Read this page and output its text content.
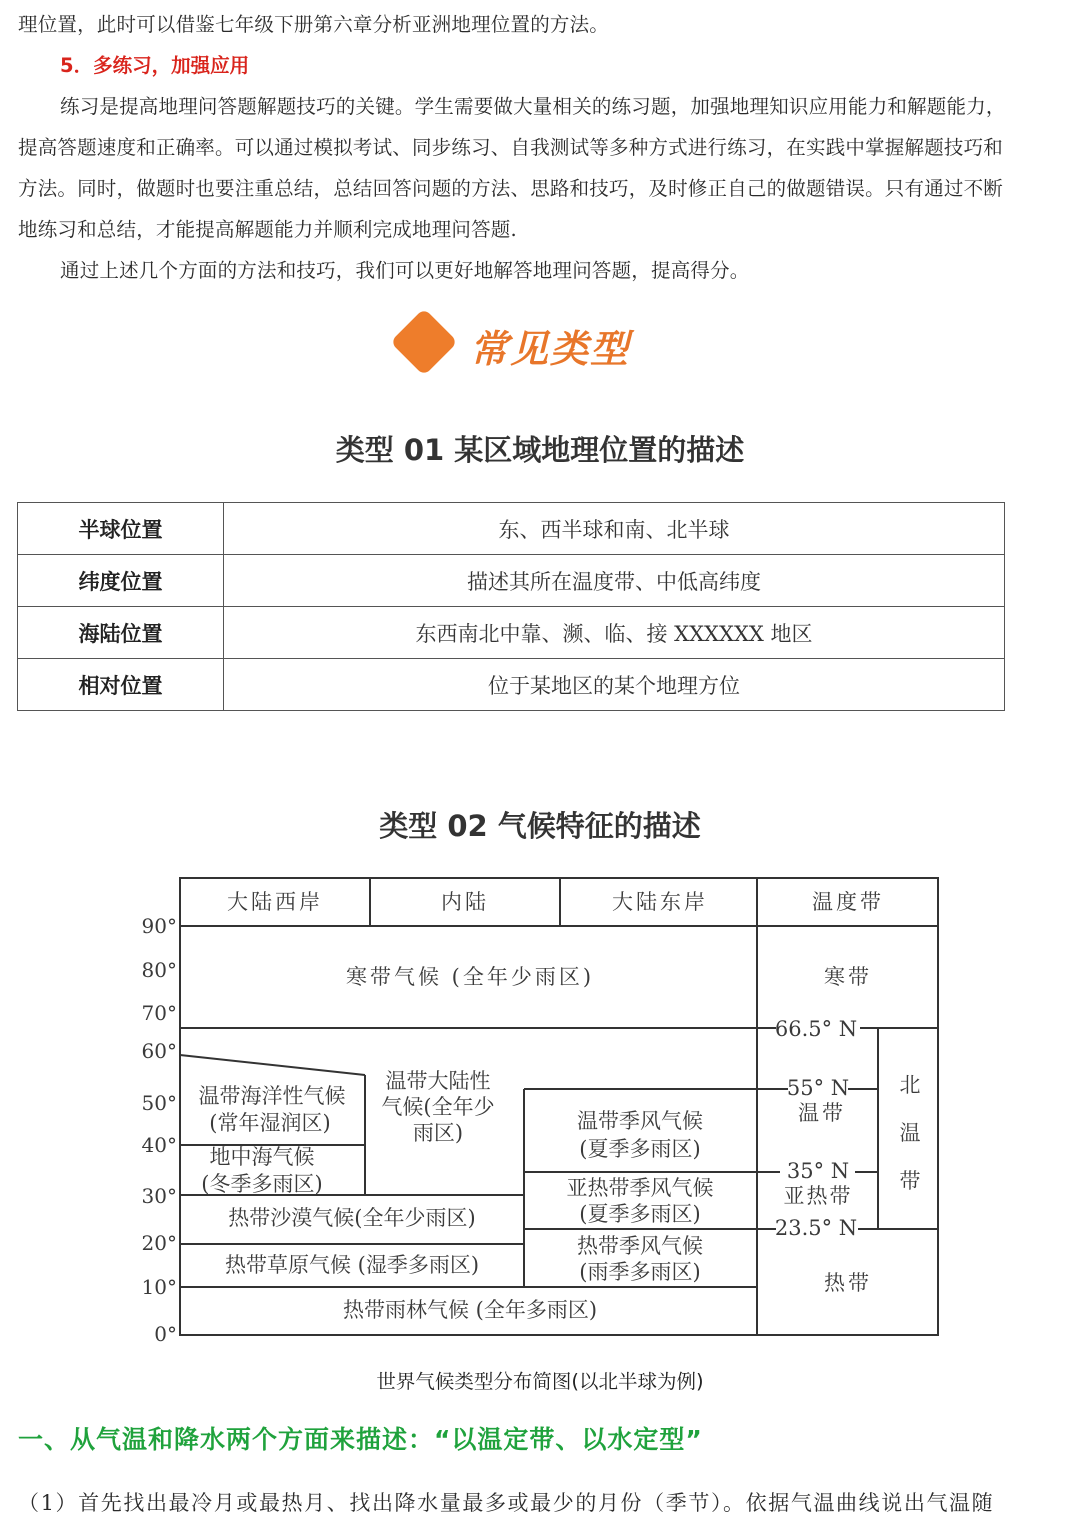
理位置，此时可以借鉴七年级下册第六章分析亚洲地理位置的方法。
5．多练习，加强应用
练习是提高地理问答题解题技巧的关键。学生需要做大量相关的练习题，加强地理知识应用能力和解题能力，
提高答题速度和正确率。可以通过模拟考试、同步练习、自我测试等多种方式进行练习，在实践中掌握解题技巧和
方法。同时，做题时也要注重总结，总结回答问题的方法、思路和技巧，及时修正自己的做题错误。只有通过不断
地练习和总结，才能提高解题能力并顺利完成地理问答题.
通过上述几个方面的方法和技巧，我们可以更好地解答地理问答题，提高得分。
常见类型
类型 01 某区域地理位置的描述
半球位置	东、西半球和南、北半球
纬度位置	描述其所在温度带、中低高纬度
海陆位置	东西南北中靠、濒、临、接 XXXXXX 地区
相对位置	位于某地区的某个地理方位
类型 02 气候特征的描述
90°
80°
70°
60°
50°
40°
30°
20°
10°
0°
大陆西岸	内陆	大陆东岸	温度带
寒带气候 (全年少雨区)
温带海洋性气候
(常年湿润区)
温带大陆性
气候(全年少
雨区)	温带季风气候
(夏季多雨区)
地中海气候
(冬季多雨区)	亚热带季风气候
(夏季多雨区)
热带沙漠气候(全年少雨区)
热带草原气候 (湿季多雨区)
热带季风气候
(雨季多雨区)
热带雨林气候 (全年多雨区)
寒带
66.5° N
55° N
温带
35° N
亚热带
23.5° N
热带
北
温
带
世界气候类型分布简图(以北半球为例)
一、从气温和降水两个方面来描述：“以温定带、以水定型”
（1）首先找出最冷月或最热月、找出降水量最多或最少的月份（季节）。依据气温曲线说出气温随
